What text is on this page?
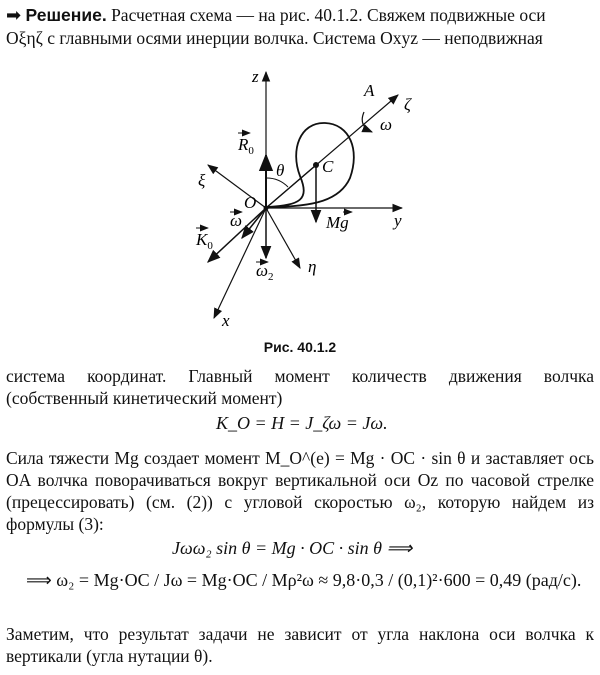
➡ Решение. Расчетная схема — на рис. 40.1.2. Свяжем подвижные оси
Oξηζ с главными осями инерции волчка. Система Oxyz — неподвижная
z
y
x
ζ
ξ
η
A
ω
θ C
O
$R_0$
$K_0$
ω
$\omega_2$
Mg
Рис. 40.1.2
система координат. Главный момент количеств движения волчка (собственный кинетический момент)
K_O = H = J_ζω = Jω.
Сила тяжести Mg создает момент M_O^(e) = Mg · OC · sin θ и заставляет ось OA волчка поворачиваться вокруг вертикальной оси Oz по часовой стрелке (прецессировать) (см. (2)) с угловой скоростью ω₂, которую найдем из формулы (3):
Jωω₂ sin θ = Mg · OC · sin θ ⟹
⟹ ω₂ = Mg·OC / Jω = Mg·OC / Mρ²ω ≈ 9,8·0,3 / (0,1)²·600 = 0,49 (рад/с).
Заметим, что результат задачи не зависит от угла наклона оси волчка к вертикали (угла нутации θ).
